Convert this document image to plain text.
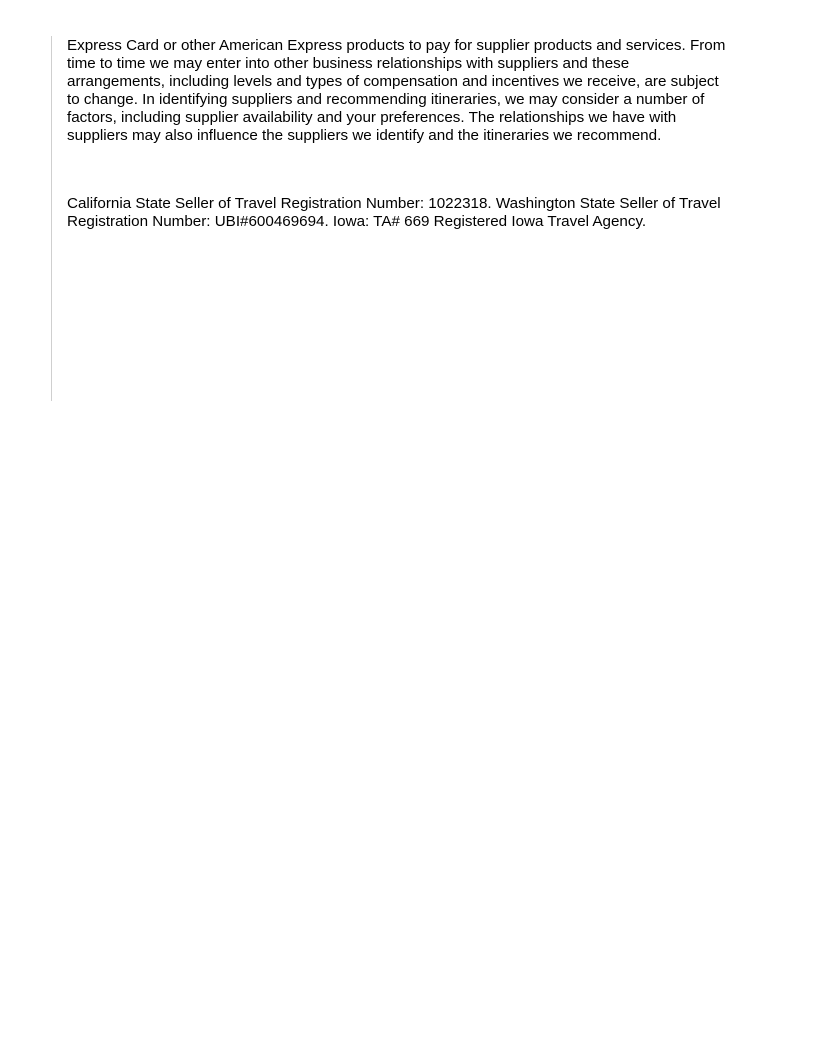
Express Card or other American Express products to pay for supplier products and services. From
time to time we may enter into other business relationships with suppliers and these
arrangements, including levels and types of compensation and incentives we receive, are subject
to change. In identifying suppliers and recommending itineraries, we may consider a number of
factors, including supplier availability and your preferences. The relationships we have with
suppliers may also influence the suppliers we identify and the itineraries we recommend.

California State Seller of Travel Registration Number: 1022318. Washington State Seller of Travel
Registration Number: UBI#600469694. Iowa: TA# 669 Registered Iowa Travel Agency.
